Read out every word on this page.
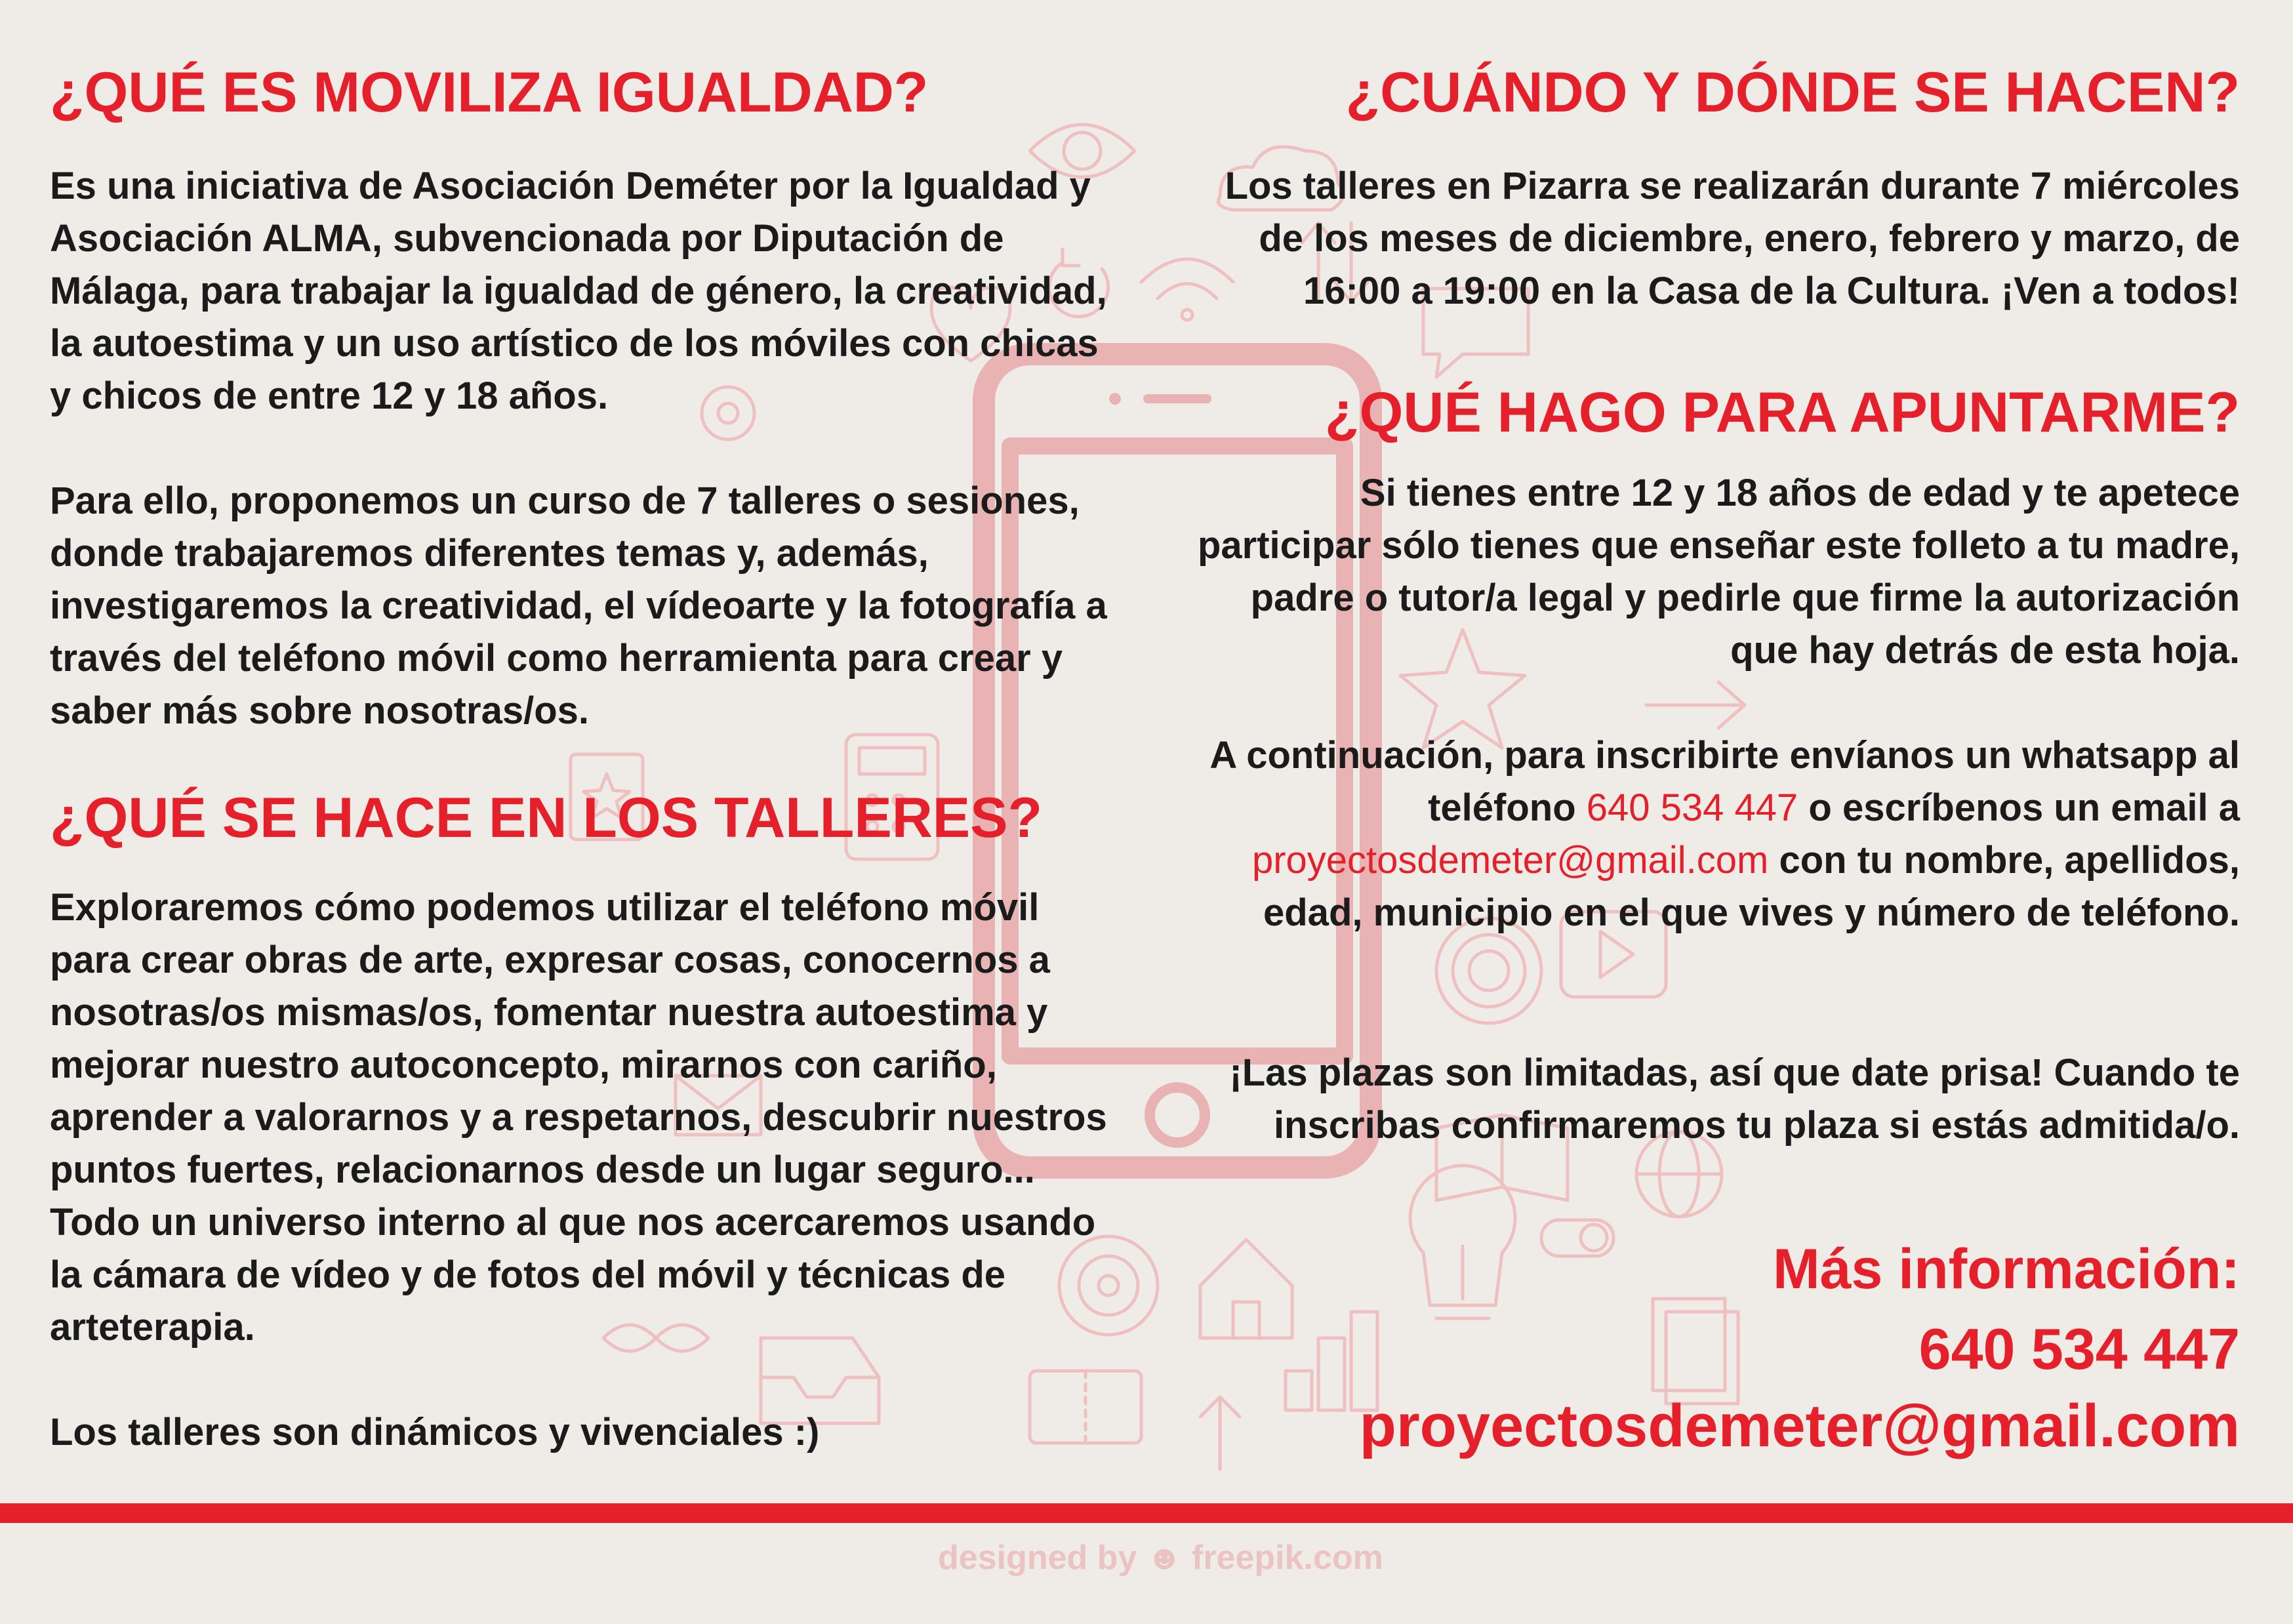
¿QUÉ ES MOVILIZA IGUALDAD?

Es una iniciativa de Asociación Deméter por la Igualdad y Asociación ALMA, subvencionada por Diputación de Málaga, para trabajar la igualdad de género, la creatividad, la autoestima y un uso artístico de los móviles con chicas y chicos de entre 12 y 18 años.

Para ello, proponemos un curso de 7 talleres o sesiones, donde trabajaremos diferentes temas y, además, investigaremos la creatividad, el vídeoarte y la fotografía a través del teléfono móvil como herramienta para crear y saber más sobre nosotras/os.

¿QUÉ SE HACE EN LOS TALLERES?

Exploraremos cómo podemos utilizar el teléfono móvil para crear obras de arte, expresar cosas, conocernos a nosotras/os mismas/os, fomentar nuestra autoestima y mejorar nuestro autoconcepto, mirarnos con cariño, aprender a valorarnos y a respetarnos, descubrir nuestros puntos fuertes, relacionarnos desde un lugar seguro... Todo un universo interno al que nos acercaremos usando la cámara de vídeo y de fotos del móvil y técnicas de arteterapia.

Los talleres son dinámicos y vivenciales :)

¿CUÁNDO Y DÓNDE SE HACEN?

Los talleres en Pizarra se realizarán durante 7 miércoles de los meses de diciembre, enero, febrero y marzo, de 16:00 a 19:00 en la Casa de la Cultura. ¡Ven a todos!

¿QUÉ HAGO PARA APUNTARME?

Si tienes entre 12 y 18 años de edad y te apetece participar sólo tienes que enseñar este folleto a tu madre, padre o tutor/a legal y pedirle que firme la autorización que hay detrás de esta hoja.

A continuación, para inscribirte envíanos un whatsapp al teléfono 640 534 447 o escríbenos un email a proyectosdemeter@gmail.com con tu nombre, apellidos, edad, municipio en el que vives y número de teléfono.

¡Las plazas son limitadas, así que date prisa! Cuando te inscribas confirmaremos tu plaza si estás admitida/o.

Más información:
640 534 447
proyectosdemeter@gmail.com
designed by ☻ freepik.com
